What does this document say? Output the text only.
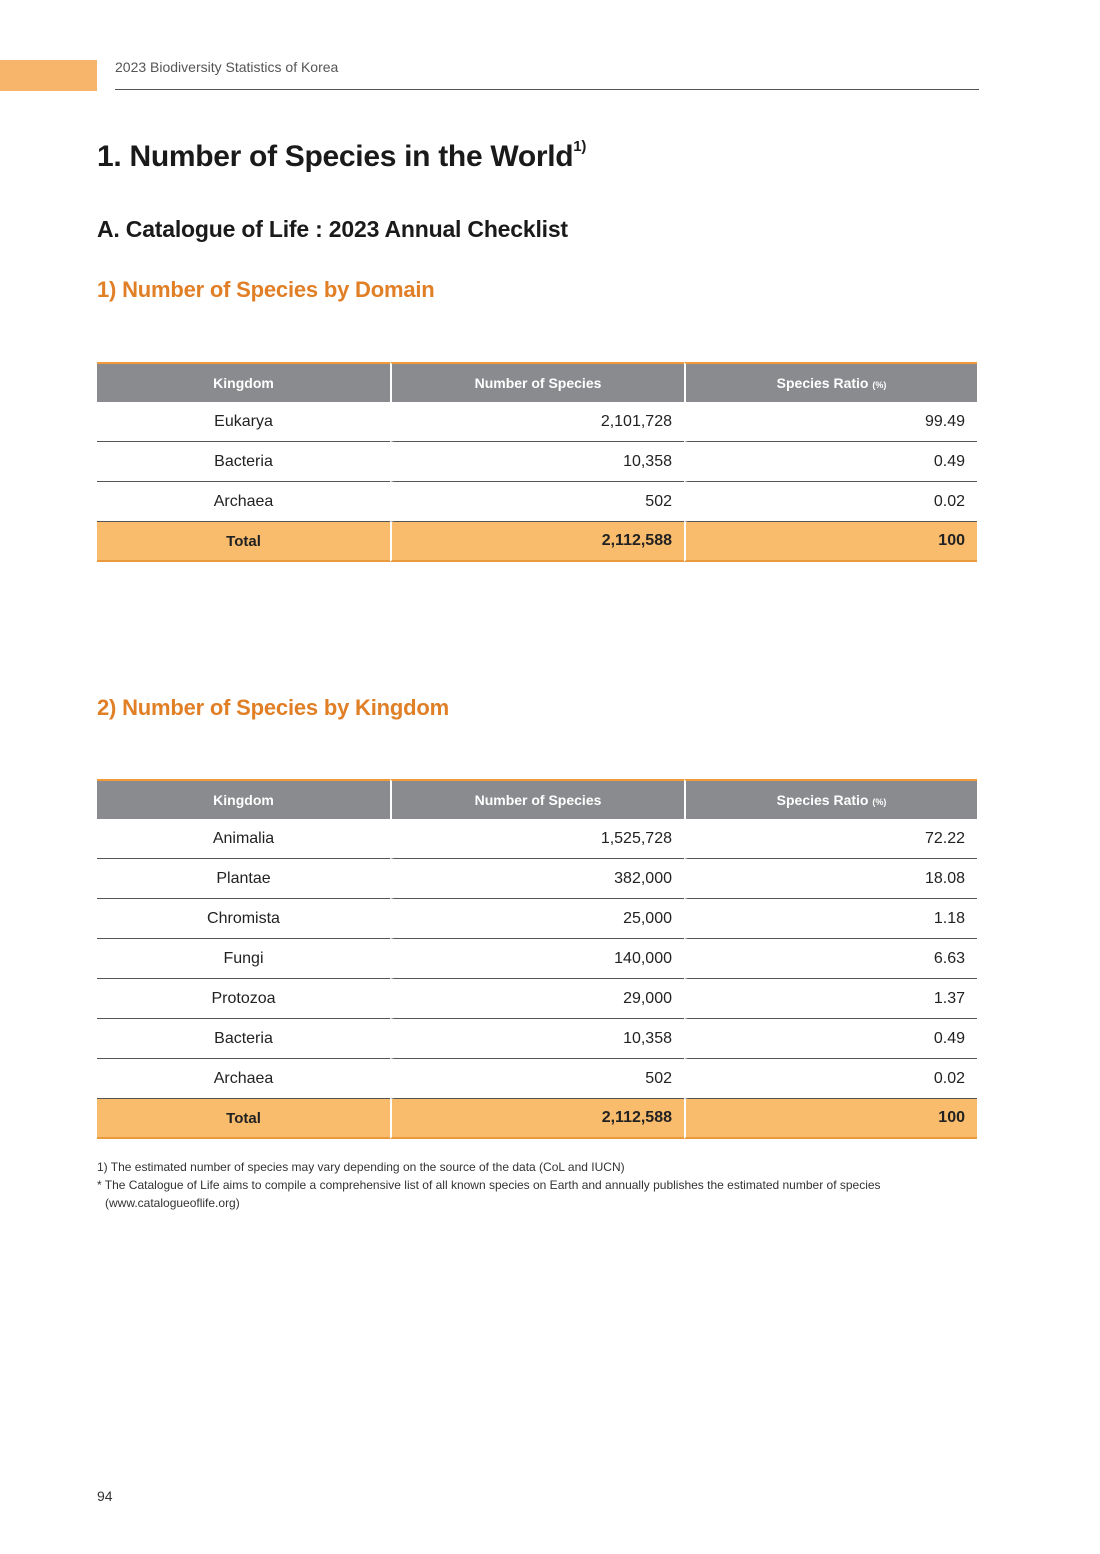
2023 Biodiversity Statistics of Korea
1. Number of Species in the World$^{1)}$
A. Catalogue of Life : 2023 Annual Checklist
1) Number of Species by Domain
Kingdom	Number of Species	Species Ratio (%)
Eukarya	2,101,728	99.49
Bacteria	10,358	0.49
Archaea	502	0.02
Total	2,112,588	100
2) Number of Species by Kingdom
Kingdom	Number of Species	Species Ratio (%)
Animalia	1,525,728	72.22
Plantae	382,000	18.08
Chromista	25,000	1.18
Fungi	140,000	6.63
Protozoa	29,000	1.37
Bacteria	10,358	0.49
Archaea	502	0.02
Total	2,112,588	100
1) The estimated number of species may vary depending on the source of the data (CoL and IUCN)
* The Catalogue of Life aims to compile a comprehensive list of all known species on Earth and annually publishes the estimated number of species
(www.catalogueoflife.org)
94
